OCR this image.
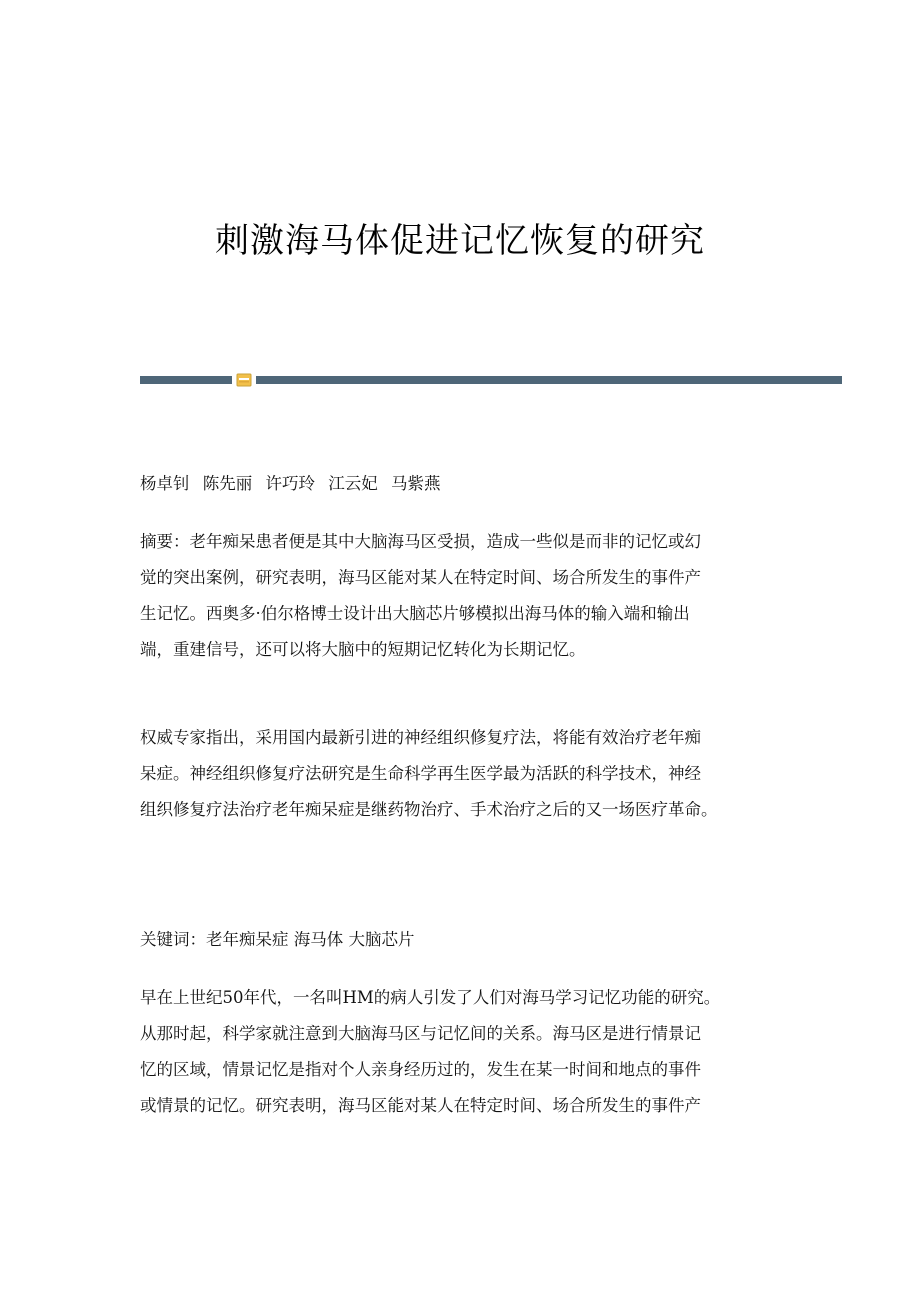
刺激海马体促进记忆恢复的研究
杨卓钊 陈先丽 许巧玲 江云妃 马紫燕

摘要：老年痴呆患者便是其中大脑海马区受损，造成一些似是而非的记忆或幻

觉的突出案例，研究表明，海马区能对某人在特定时间、场合所发生的事件产

生记忆。西奥多·伯尔格博士设计出大脑芯片够模拟出海马体的输入端和输出

端，重建信号，还可以将大脑中的短期记忆转化为长期记忆。

权威专家指出，采用国内最新引进的神经组织修复疗法，将能有效治疗老年痴

呆症。神经组织修复疗法研究是生命科学再生医学最为活跃的科学技术，神经

组织修复疗法治疗老年痴呆症是继药物治疗、手术治疗之后的又一场医疗革命。

关键词：老年痴呆症 海马体 大脑芯片

早在上世纪50年代，一名叫HM的病人引发了人们对海马学习记忆功能的研究。

从那时起，科学家就注意到大脑海马区与记忆间的关系。海马区是进行情景记

忆的区域，情景记忆是指对个人亲身经历过的，发生在某一时间和地点的事件

或情景的记忆。研究表明，海马区能对某人在特定时间、场合所发生的事件产
